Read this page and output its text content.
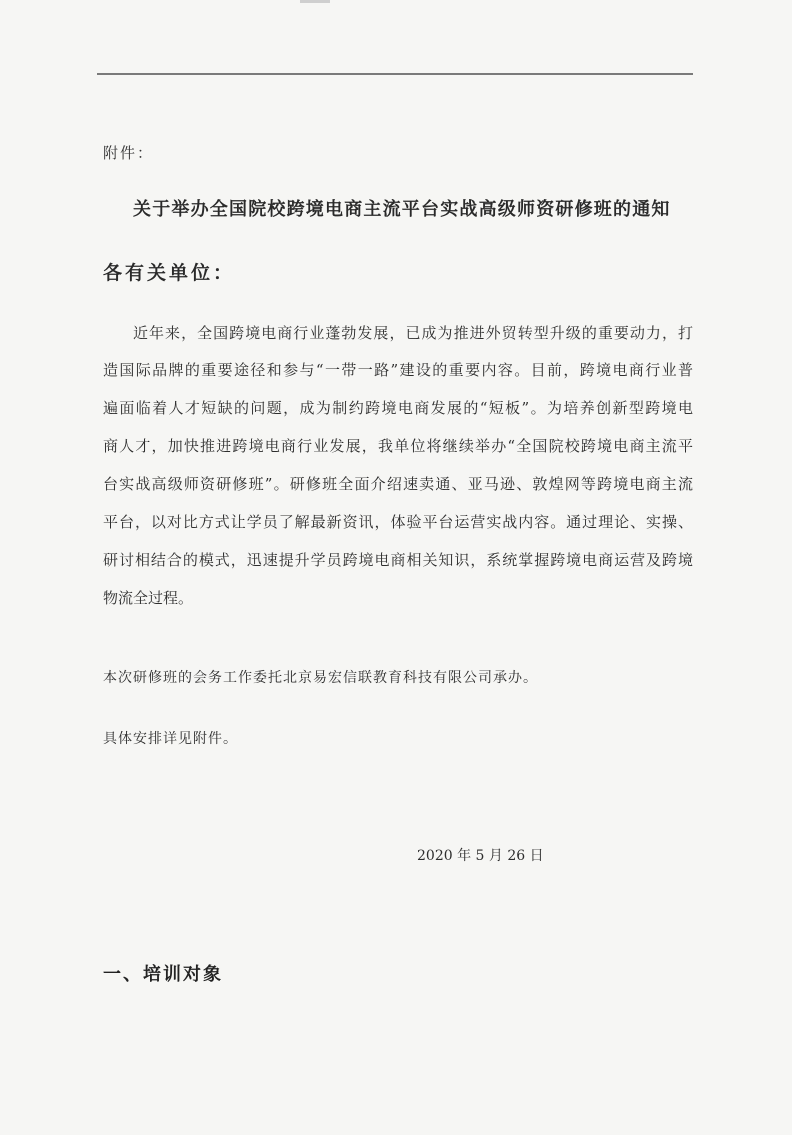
附件：
关于举办全国院校跨境电商主流平台实战高级师资研修班的通知
各有关单位：
近年来，全国跨境电商行业蓬勃发展，已成为推进外贸转型升级的重要动力，打
造国际品牌的重要途径和参与“一带一路”建设的重要内容。目前，跨境电商行业普
遍面临着人才短缺的问题，成为制约跨境电商发展的“短板”。为培养创新型跨境电
商人才，加快推进跨境电商行业发展，我单位将继续举办“全国院校跨境电商主流平
台实战高级师资研修班”。研修班全面介绍速卖通、亚马逊、敦煌网等跨境电商主流
平台，以对比方式让学员了解最新资讯，体验平台运营实战内容。通过理论、实操、
研讨相结合的模式，迅速提升学员跨境电商相关知识，系统掌握跨境电商运营及跨境
物流全过程。
本次研修班的会务工作委托北京易宏信联教育科技有限公司承办。
具体安排详见附件。
2020 年 5 月 26 日
一、培训对象
